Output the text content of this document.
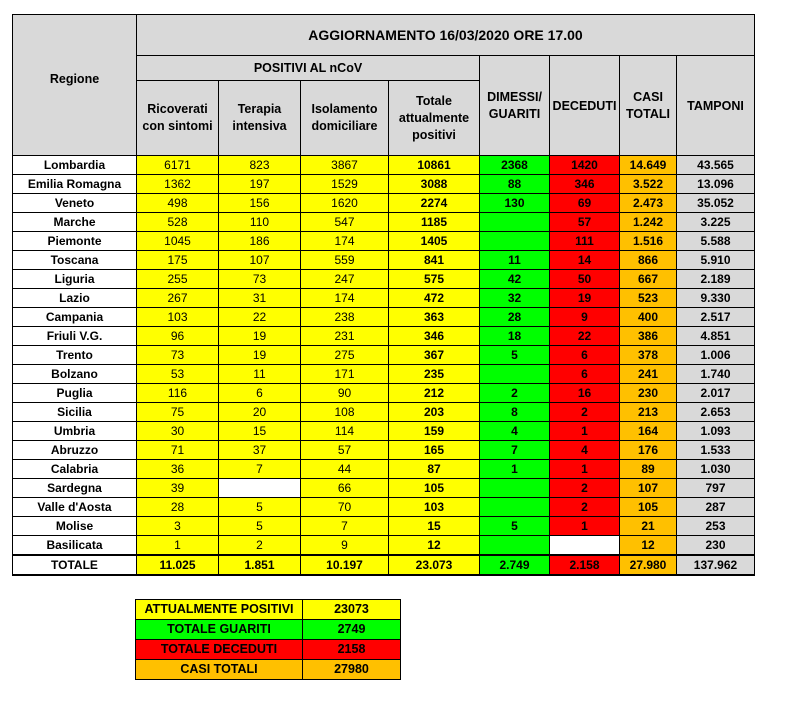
Regione	AGGIORNAMENTO 16/03/2020 ORE 17.00							
	POSITIVI AL nCoV				DIMESSI/ GUARITI	DECEDUTI	CASI TOTALI	TAMPONI
	Ricoverati con sintomi	Terapia intensiva	Isolamento domiciliare	Totale attualmente positivi				
Lombardia	6171	823	3867	10861	2368	1420	14.649	43.565
Emilia Romagna	1362	197	1529	3088	88	346	3.522	13.096
Veneto	498	156	1620	2274	130	69	2.473	35.052
Marche	528	110	547	1185		57	1.242	3.225
Piemonte	1045	186	174	1405		111	1.516	5.588
Toscana	175	107	559	841	11	14	866	5.910
Liguria	255	73	247	575	42	50	667	2.189
Lazio	267	31	174	472	32	19	523	9.330
Campania	103	22	238	363	28	9	400	2.517
Friuli V.G.	96	19	231	346	18	22	386	4.851
Trento	73	19	275	367	5	6	378	1.006
Bolzano	53	11	171	235		6	241	1.740
Puglia	116	6	90	212	2	16	230	2.017
Sicilia	75	20	108	203	8	2	213	2.653
Umbria	30	15	114	159	4	1	164	1.093
Abruzzo	71	37	57	165	7	4	176	1.533
Calabria	36	7	44	87	1	1	89	1.030
Sardegna	39		66	105		2	107	797
Valle d'Aosta	28	5	70	103		2	105	287
Molise	3	5	7	15	5	1	21	253
Basilicata	1	2	9	12			12	230
TOTALE	11.025	1.851	10.197	23.073	2.749	2.158	27.980	137.962
ATTUALMENTE POSITIVI	23073
TOTALE GUARITI	2749
TOTALE DECEDUTI	2158
CASI TOTALI	27980
